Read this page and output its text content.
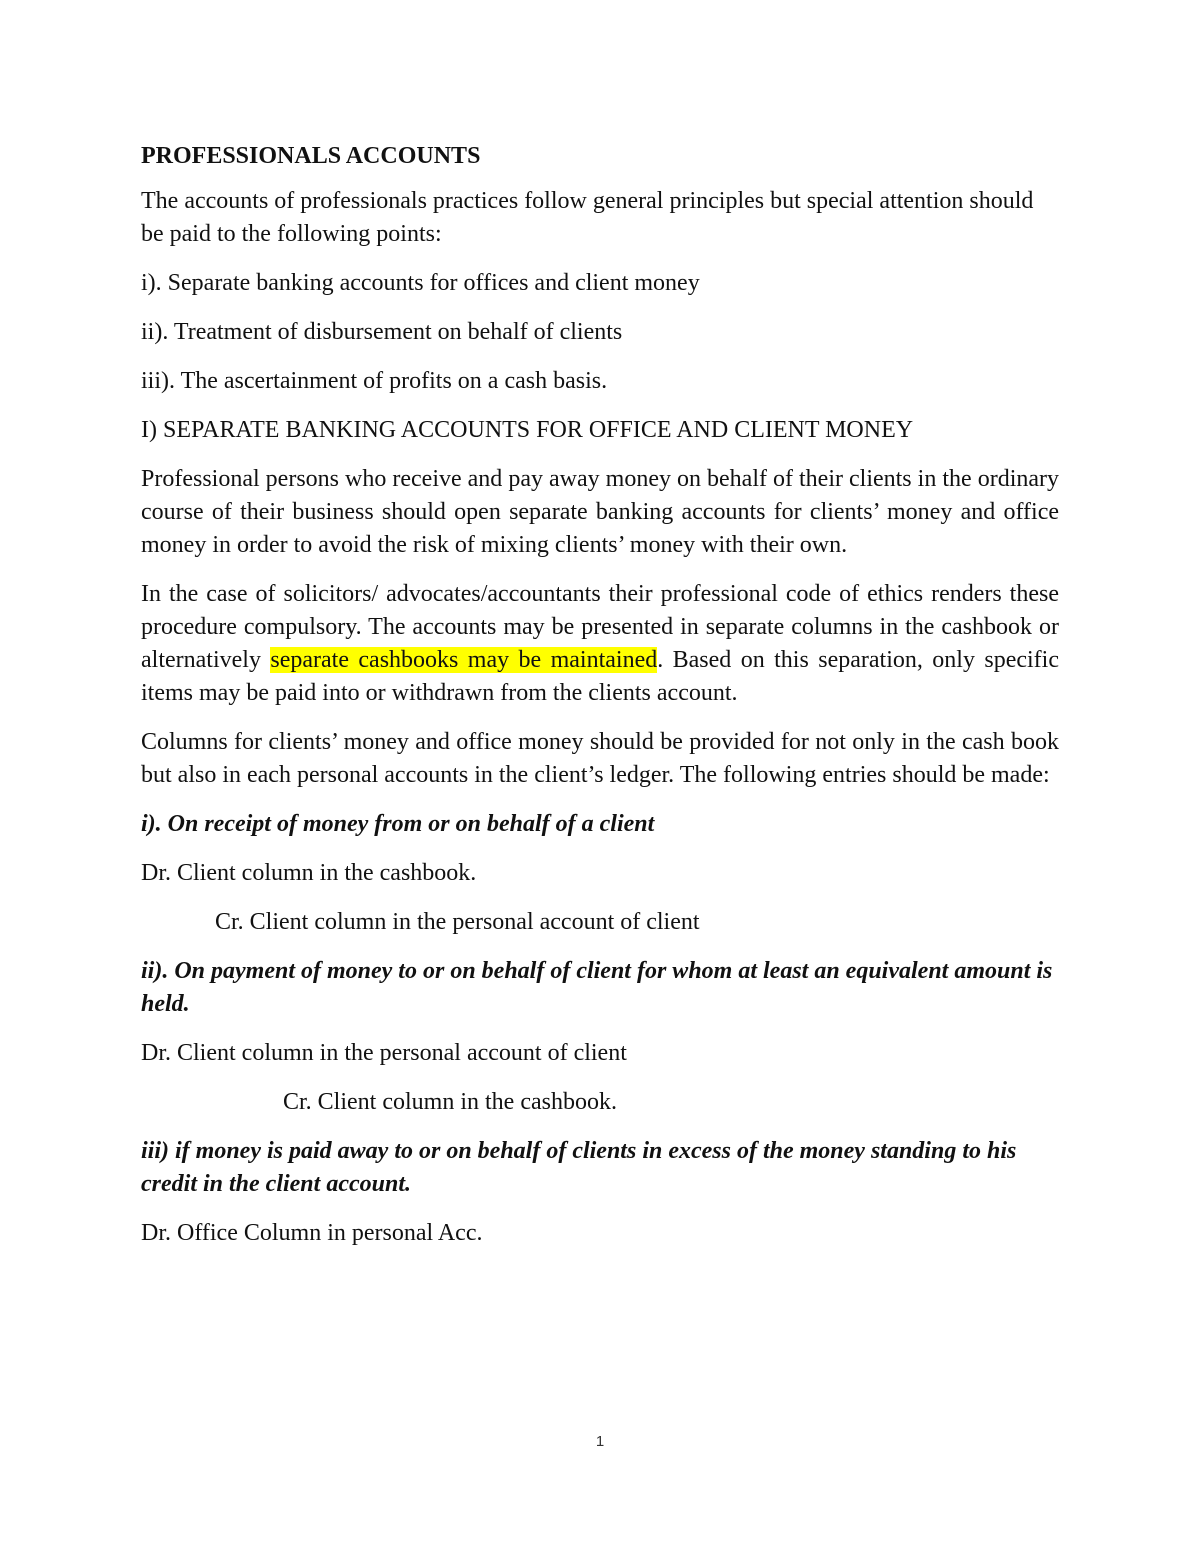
PROFESSIONALS ACCOUNTS

The accounts of professionals practices follow general principles but special attention should be paid to the following points:

i). Separate banking accounts for offices and client money

ii). Treatment of disbursement on behalf of clients

iii). The ascertainment of profits on a cash basis.

I) SEPARATE BANKING ACCOUNTS FOR OFFICE AND CLIENT MONEY

Professional persons who receive and pay away money on behalf of their clients in the ordinary course of their business should open separate banking accounts for clients’ money and office money in order to avoid the risk of mixing clients’ money with their own.

In the case of solicitors/ advocates/accountants their professional code of ethics renders these procedure compulsory. The accounts may be presented in separate columns in the cashbook or alternatively separate cashbooks may be maintained. Based on this separation, only specific items may be paid into or withdrawn from the clients account.

Columns for clients’ money and office money should be provided for not only in the cash book but also in each personal accounts in the client’s ledger. The following entries should be made:

i). On receipt of money from or on behalf of a client

Dr. Client column in the cashbook.

Cr. Client column in the personal account of client

ii). On payment of money to or on behalf of client for whom at least an equivalent amount is held.

Dr. Client column in the personal account of client

Cr. Client column in the cashbook.

iii) if money is paid away to or on behalf of clients in excess of the money standing to his credit in the client account.

Dr. Office Column in personal Acc.

1
